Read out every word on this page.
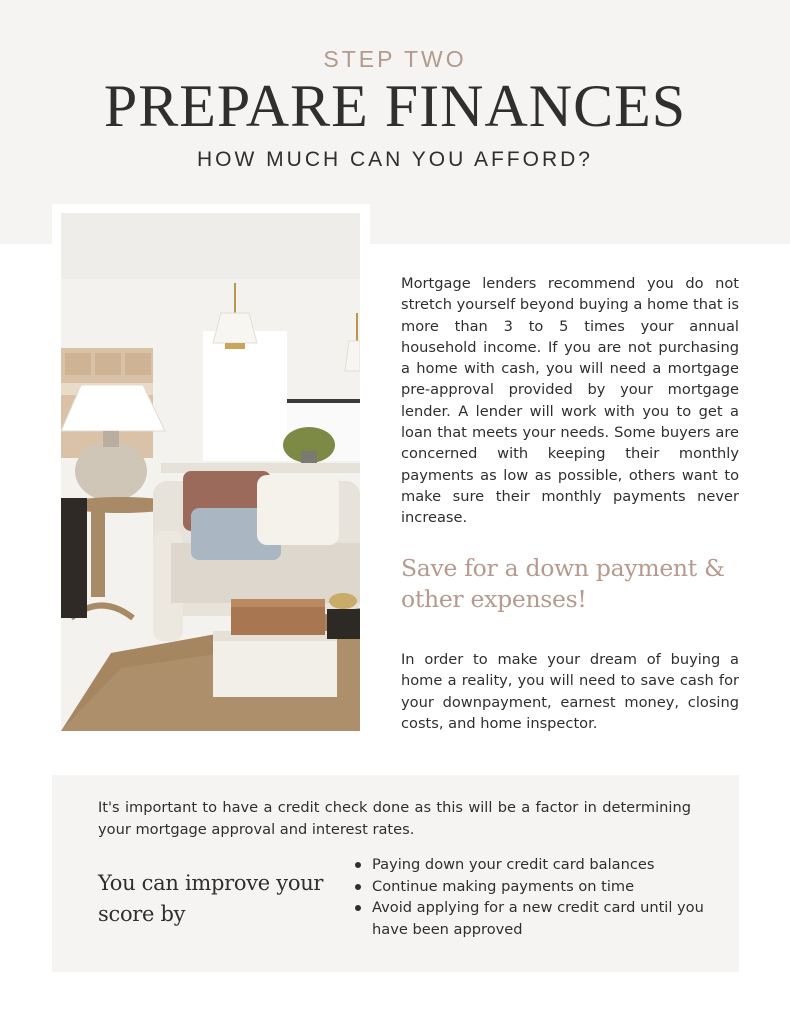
STEP TWO
PREPARE FINANCES
HOW MUCH CAN YOU AFFORD?

Mortgage lenders recommend you do not stretch yourself beyond buying a home that is more than 3 to 5 times your annual household income. If you are not purchasing a home with cash, you will need a mortgage pre-approval provided by your mortgage lender. A lender will work with you to get a loan that meets your needs. Some buyers are concerned with keeping their monthly payments as low as possible, others want to make sure their monthly payments never increase.

Save for a down payment & other expenses!

In order to make your dream of buying a home a reality, you will need to save cash for your downpayment, earnest money, closing costs, and home inspector.

It's important to have a credit check done as this will be a factor in determining your mortgage approval and interest rates.

You can improve your score by
Paying down your credit card balances
Continue making payments on time
Avoid applying for a new credit card until you have been approved
